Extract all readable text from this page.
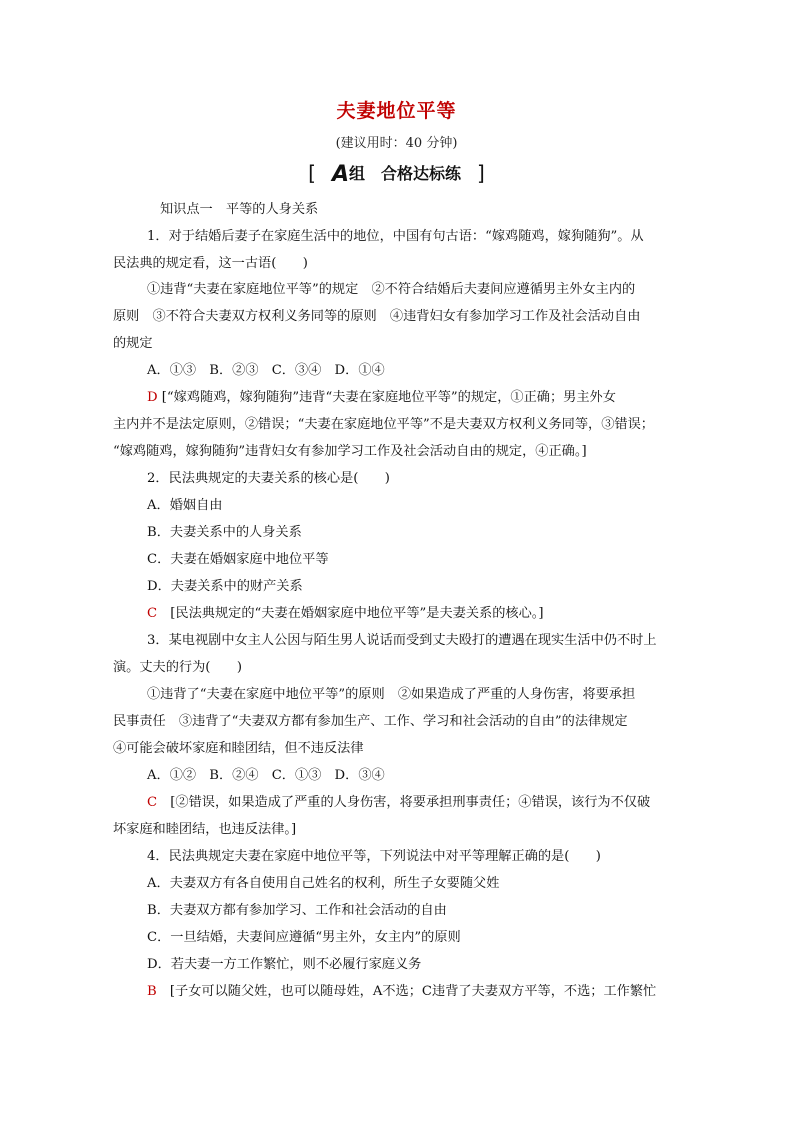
夫妻地位平等
(建议用时：40 分钟)
[ A组 合格达标练 ]
知识点一　平等的人身关系
1．对于结婚后妻子在家庭生活中的地位，中国有句古语：“嫁鸡随鸡，嫁狗随狗”。从
民法典的规定看，这一古语(　　)
①违背“夫妻在家庭地位平等”的规定　②不符合结婚后夫妻间应遵循男主外女主内的
原则　③不符合夫妻双方权利义务同等的原则　④违背妇女有参加学习工作及社会活动自由
的规定
A．①③　B．②③　C．③④　D．①④
D [“嫁鸡随鸡，嫁狗随狗”违背“夫妻在家庭地位平等”的规定，①正确；男主外女
主内并不是法定原则，②错误；“夫妻在家庭地位平等”不是夫妻双方权利义务同等，③错误；
“嫁鸡随鸡，嫁狗随狗”违背妇女有参加学习工作及社会活动自由的规定，④正确。]
2．民法典规定的夫妻关系的核心是(　　)
A．婚姻自由
B．夫妻关系中的人身关系
C．夫妻在婚姻家庭中地位平等
D．夫妻关系中的财产关系
C　 [民法典规定的“夫妻在婚姻家庭中地位平等”是夫妻关系的核心。]
3．某电视剧中女主人公因与陌生男人说话而受到丈夫殴打的遭遇在现实生活中仍不时上
演。丈夫的行为(　　)
①违背了“夫妻在家庭中地位平等”的原则　②如果造成了严重的人身伤害，将要承担
民事责任　③违背了“夫妻双方都有参加生产、工作、学习和社会活动的自由”的法律规定
④可能会破坏家庭和睦团结，但不违反法律
A．①②　B．②④　C．①③　D．③④
C　 [②错误，如果造成了严重的人身伤害，将要承担刑事责任；④错误，该行为不仅破
坏家庭和睦团结，也违反法律。]
4．民法典规定夫妻在家庭中地位平等，下列说法中对平等理解正确的是(　　)
A．夫妻双方有各自使用自己姓名的权利，所生子女要随父姓
B．夫妻双方都有参加学习、工作和社会活动的自由
C．一旦结婚，夫妻间应遵循“男主外，女主内”的原则
D．若夫妻一方工作繁忙，则不必履行家庭义务
B　 [子女可以随父姓，也可以随母姓，A不选；C违背了夫妻双方平等，不选；工作繁忙
